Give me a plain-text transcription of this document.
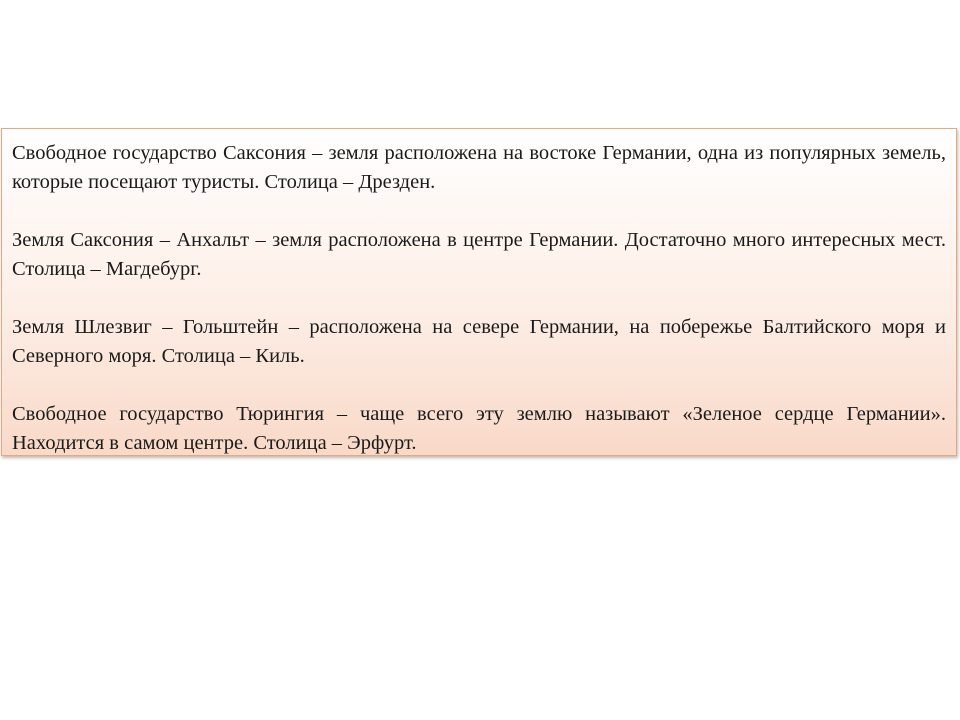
Свободное государство Саксония – земля расположена на востоке Германии, одна из популярных земель, которые посещают туристы. Столица – Дрезден.

Земля Саксония – Анхальт – земля расположена в центре Германии. Достаточно много интересных мест. Столица – Магдебург.

Земля Шлезвиг – Гольштейн – расположена на севере Германии, на побережье Балтийского моря и Северного моря. Столица – Киль.

Свободное государство Тюрингия – чаще всего эту землю называют «Зеленое сердце Германии». Находится в самом центре. Столица – Эрфурт.
